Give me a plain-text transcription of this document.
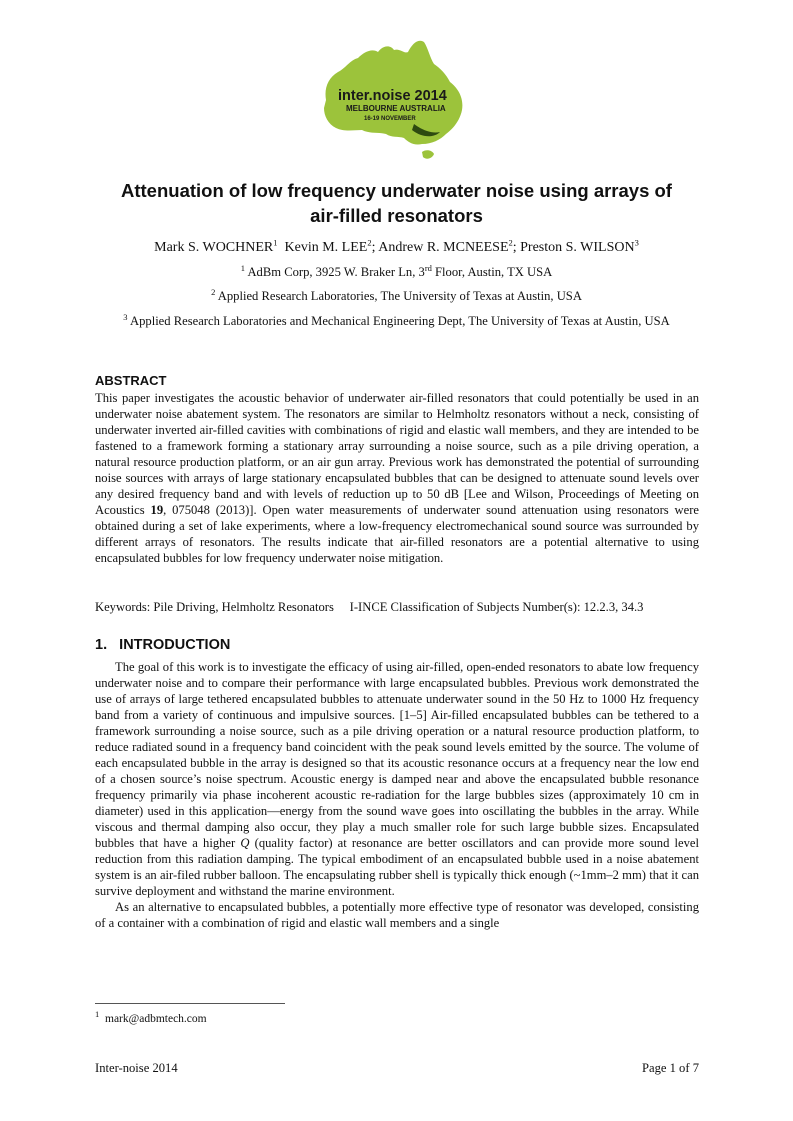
inter.noise 2014
MELBOURNE AUSTRALIA
16-19 NOVEMBER
Attenuation of low frequency underwater noise using arrays of
air-filled resonators
Mark S. WOCHNER$^1$ Kevin M. LEE$^2$; Andrew R. MCNEESE$^2$; Preston S. WILSON$^3$
$^1$ AdBm Corp, 3925 W. Braker Ln, 3rd Floor, Austin, TX USA
$^2$ Applied Research Laboratories, The University of Texas at Austin, USA
$^3$ Applied Research Laboratories and Mechanical Engineering Dept, The University of Texas at Austin, USA
ABSTRACT

This paper investigates the acoustic behavior of underwater air-filled resonators that could potentially be used in an underwater noise abatement system. The resonators are similar to Helmholtz resonators without a neck, consisting of underwater inverted air-filled cavities with combinations of rigid and elastic wall members, and they are intended to be fastened to a framework forming a stationary array surrounding a noise source, such as a pile driving operation, a natural resource production platform, or an air gun array. Previous work has demonstrated the potential of surrounding noise sources with arrays of large stationary encapsulated bubbles that can be designed to attenuate sound levels over any desired frequency band and with levels of reduction up to 50 dB [Lee and Wilson, Proceedings of Meeting on Acoustics 19, 075048 (2013)]. Open water measurements of underwater sound attenuation using resonators were obtained during a set of lake experiments, where a low-frequency electromechanical sound source was surrounded by different arrays of resonators. The results indicate that air-filled resonators are a potential alternative to using encapsulated bubbles for low frequency underwater noise mitigation.

Keywords: Pile Driving, Helmholtz Resonators     I-INCE Classification of Subjects Number(s): 12.2.3, 34.3
1.   INTRODUCTION

The goal of this work is to investigate the efficacy of using air-filled, open-ended resonators to abate low frequency underwater noise and to compare their performance with large encapsulated bubbles. Previous work demonstrated the use of arrays of large tethered encapsulated bubbles to attenuate underwater sound in the 50 Hz to 1000 Hz frequency band from a variety of continuous and impulsive sources. [1–5] Air-filled encapsulated bubbles can be tethered to a framework surrounding a noise source, such as a pile driving operation or a natural resource production platform, to reduce radiated sound in a frequency band coincident with the peak sound levels emitted by the source. The volume of each encapsulated bubble in the array is designed so that its acoustic resonance occurs at a frequency near the low end of a chosen source’s noise spectrum. Acoustic energy is damped near and above the encapsulated bubble resonance frequency primarily via phase incoherent acoustic re-radiation for the large bubbles sizes (approximately 10 cm in diameter) used in this application—energy from the sound wave goes into oscillating the bubbles in the array. While viscous and thermal damping also occur, they play a much smaller role for such large bubble sizes. Encapsulated bubbles that have a higher Q (quality factor) at resonance are better oscillators and can provide more sound level reduction from this radiation damping. The typical embodiment of an encapsulated bubble used in a noise abatement system is an air-filed rubber balloon. The encapsulating rubber shell is typically thick enough (~1mm–2 mm) that it can survive deployment and withstand the marine environment.

As an alternative to encapsulated bubbles, a potentially more effective type of resonator was developed, consisting of a container with a combination of rigid and elastic wall members and a single

$^1$ mark@adbmtech.com
Inter-noise 2014	Page 1 of 7
